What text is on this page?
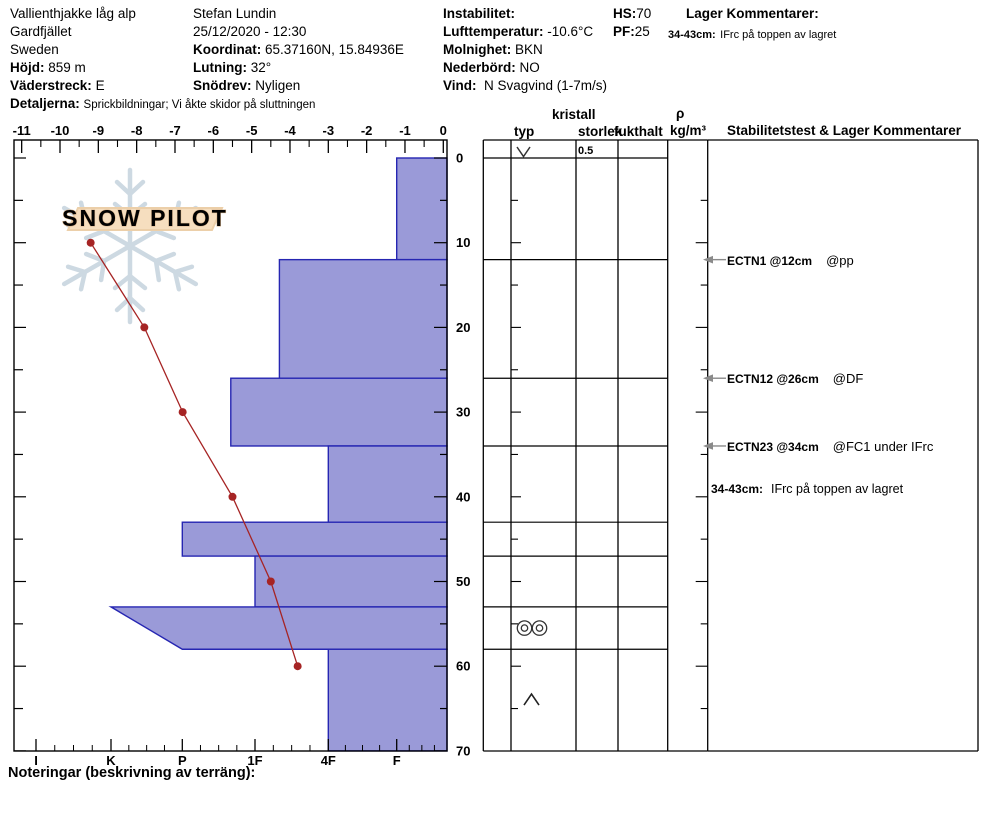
Vallienthjakke låg alp
Gardfjället
Sweden
Höjd: 859 m
Väderstreck: E
Detaljerna: Sprickbildningar; Vi åkte skidor på sluttningen
Stefan Lundin
25/12/2020 - 12:30
Koordinat: 65.37160N, 15.84936E
Lutning: 32°
Snödrev: Nyligen
Instabilitet:
Lufttemperatur: -10.6°C
Molnighet: BKN
Nederbörd: NO
Vind: N Svagvind (1-7m/s)
HS:70
PF:25
Lager Kommentarer:
34-43cm: IFrc på toppen av lagret
SNOW PILOT
-11 -10 -9 -8 -7 -6 -5 -4 -3 -2 -1 0
0
10
20
30
40
50
60
70
I	K	P	1F	4F	F
typ
kristall
storlek
fukthalt
ρ
kg/m³ Stabilitetstest & Lager Kommentarer
0.5
ECTN1 @12cm @pp
ECTN12 @26cm @DF
ECTN23 @34cm @FC1 under IFrc
34-43cm: IFrc på toppen av lagret
Noteringar (beskrivning av terräng):
